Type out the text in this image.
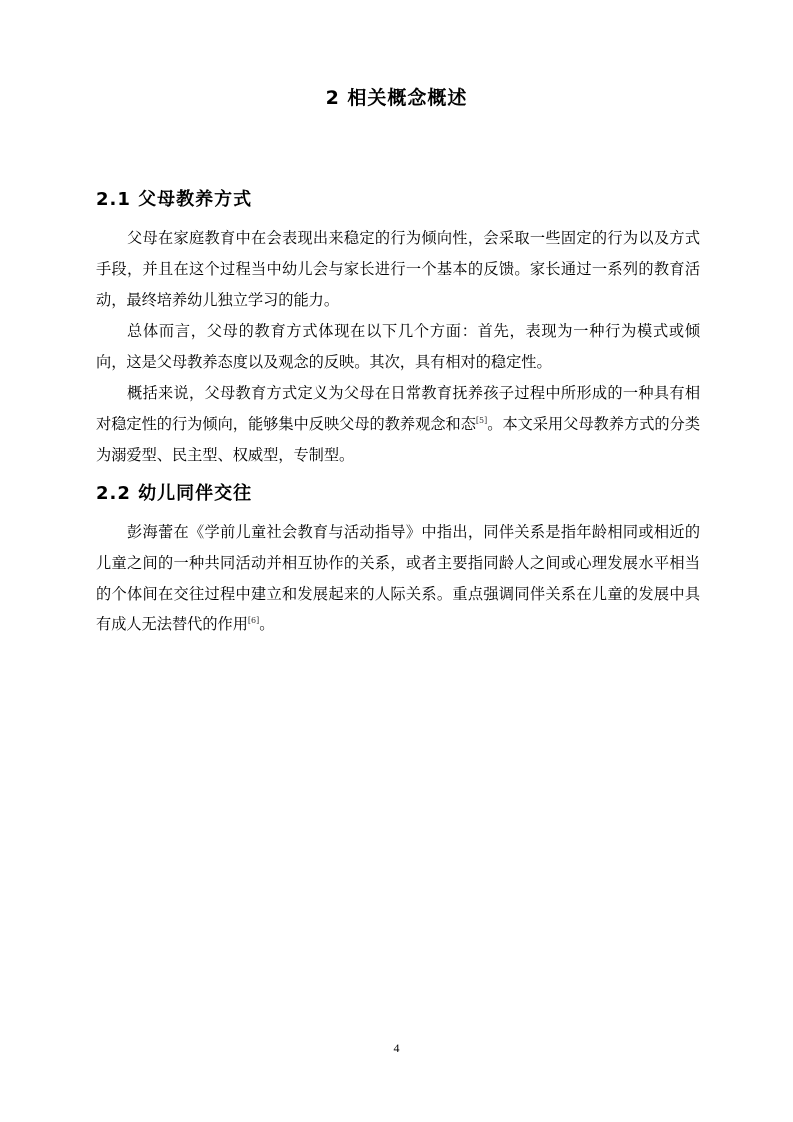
2 相关概念概述
2.1 父母教养方式

父母在家庭教育中在会表现出来稳定的行为倾向性，会采取一些固定的行为以及方式手段，并且在这个过程当中幼儿会与家长进行一个基本的反馈。家长通过一系列的教育活动，最终培养幼儿独立学习的能力。

总体而言，父母的教育方式体现在以下几个方面：首先，表现为一种行为模式或倾向，这是父母教养态度以及观念的反映。其次，具有相对的稳定性。

概括来说，父母教育方式定义为父母在日常教育抚养孩子过程中所形成的一种具有相对稳定性的行为倾向，能够集中反映父母的教养观念和态[5]。本文采用父母教养方式的分类为溺爱型、民主型、权威型，专制型。

2.2 幼儿同伴交往

彭海蕾在《学前儿童社会教育与活动指导》中指出，同伴关系是指年龄相同或相近的儿童之间的一种共同活动并相互协作的关系，或者主要指同龄人之间或心理发展水平相当的个体间在交往过程中建立和发展起来的人际关系。重点强调同伴关系在儿童的发展中具有成人无法替代的作用[6]。

4
